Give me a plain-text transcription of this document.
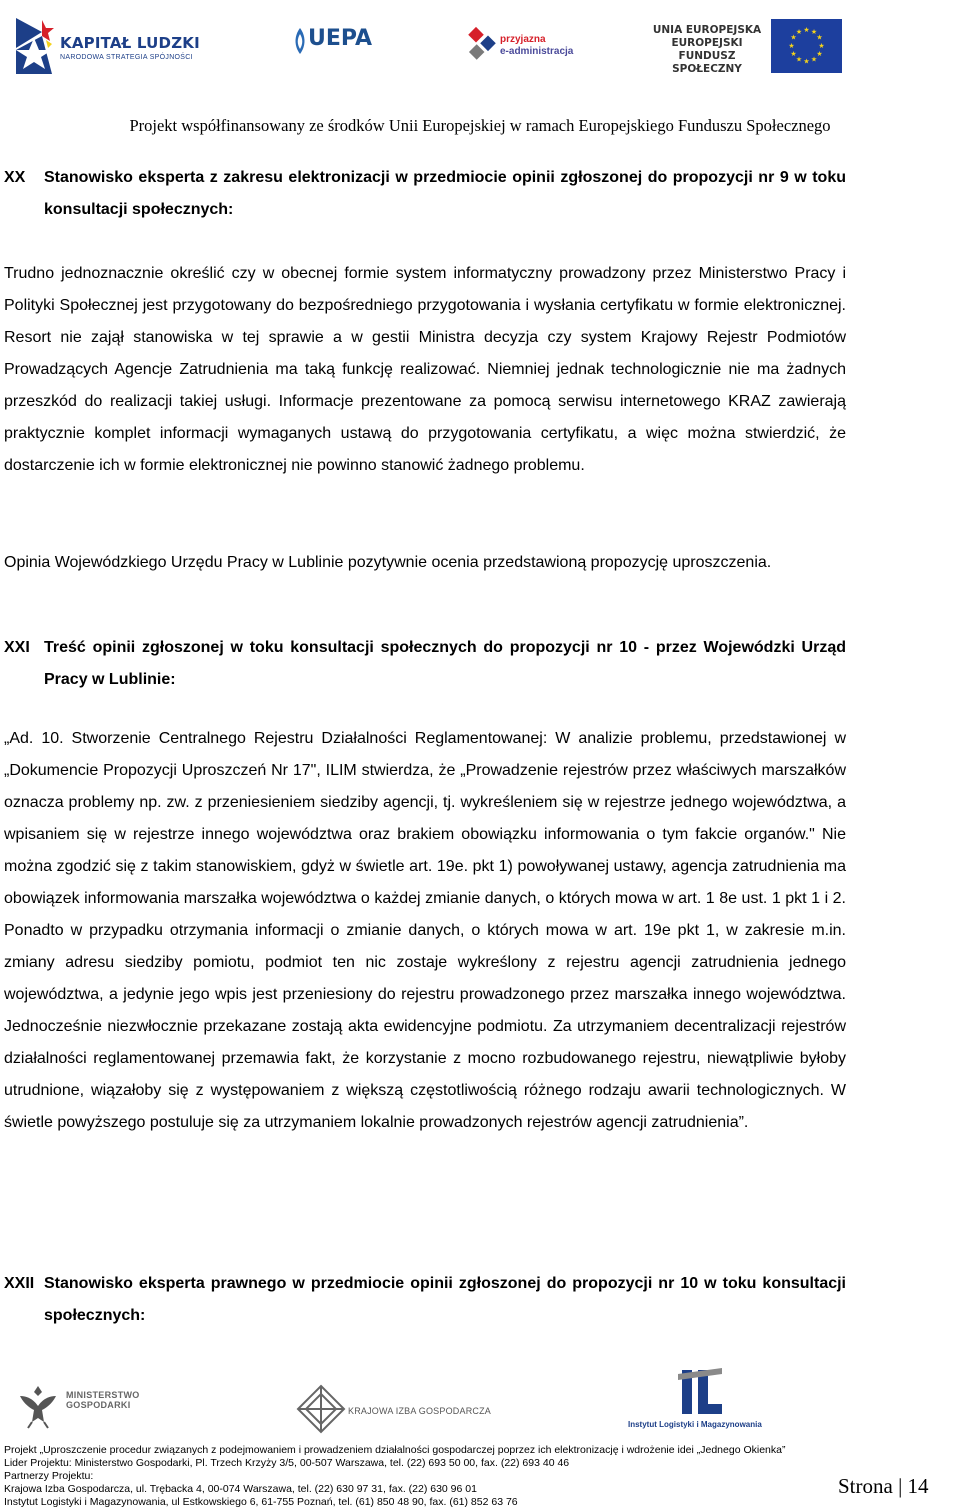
KAPITAŁ LUDZKI
NARODOWA STRATEGIA SPÓJNOŚCI
UEPA	przyjazna
e-administracja
UNIA EUROPEJSKA
EUROPEJSKI
FUNDUSZ SPOŁECZNY
★ ★
★
★
★
★
★
★
★
★
★
★
Projekt współfinansowany ze środków Unii Europejskiej w ramach Europejskiego Funduszu Społecznego
XX Stanowisko eksperta z zakresu elektronizacji w przedmiocie opinii zgłoszonej do propozycji nr 9 w toku konsultacji społecznych:
Trudno jednoznacznie określić czy w obecnej formie system informatyczny prowadzony przez Ministerstwo Pracy i Polityki Społecznej jest przygotowany do bezpośredniego przygotowania i wysłania certyfikatu w formie elektronicznej. Resort nie zajął stanowiska w tej sprawie a w gestii Ministra decyzja czy system Krajowy Rejestr Podmiotów Prowadzących Agencje Zatrudnienia ma taką funkcję realizować. Niemniej jednak technologicznie nie ma żadnych przeszkód do realizacji takiej usługi. Informacje prezentowane za pomocą serwisu internetowego KRAZ zawierają praktycznie komplet informacji wymaganych ustawą do przygotowania certyfikatu, a więc można stwierdzić, że dostarczenie ich w formie elektronicznej nie powinno stanowić żadnego problemu.
Opinia Wojewódzkiego Urzędu Pracy w Lublinie pozytywnie ocenia przedstawioną propozycję uproszczenia.
XXI Treść opinii zgłoszonej w toku konsultacji społecznych do propozycji nr 10 - przez Wojewódzki Urząd Pracy w Lublinie:
„Ad. 10. Stworzenie Centralnego Rejestru Działalności Reglamentowanej: W analizie problemu, przedstawionej w „Dokumencie Propozycji Uproszczeń Nr 17", ILIM stwierdza, że „Prowadzenie rejestrów przez właściwych marszałków oznacza problemy np. zw. z przeniesieniem siedziby agencji, tj. wykreśleniem się w rejestrze jednego województwa, a wpisaniem się w rejestrze innego województwa oraz brakiem obowiązku informowania o tym fakcie organów." Nie można zgodzić się z takim stanowiskiem, gdyż w świetle art. 19e. pkt 1) powoływanej ustawy, agencja zatrudnienia ma obowiązek informowania marszałka województwa o każdej zmianie danych, o których mowa w art. 1 8e ust. 1 pkt 1 i 2. Ponadto w przypadku otrzymania informacji o zmianie danych, o których mowa w art. 19e pkt 1, w zakresie m.in. zmiany adresu siedziby pomiotu, podmiot ten nic zostaje wykreślony z rejestru agencji zatrudnienia jednego województwa, a jedynie jego wpis jest przeniesiony do rejestru prowadzonego przez marszałka innego województwa. Jednocześnie niezwłocznie przekazane zostają akta ewidencyjne podmiotu. Za utrzymaniem decentralizacji rejestrów działalności reglamentowanej przemawia fakt, że korzystanie z mocno rozbudowanego rejestru, niewątpliwie byłoby utrudnione, wiązałoby się z występowaniem z większą częstotliwością różnego rodzaju awarii technologicznych. W świetle powyższego postuluje się za utrzymaniem lokalnie prowadzonych rejestrów agencji zatrudnienia”.
XXII Stanowisko eksperta prawnego w przedmiocie opinii zgłoszonej do propozycji nr 10 w toku konsultacji społecznych:
MINISTERSTWO
GOSPODARKI
KRAJOWA IZBA GOSPODARCZA
Instytut Logistyki i Magazynowania
Projekt „Uproszczenie procedur związanych z podejmowaniem i prowadzeniem działalności gospodarczej poprzez ich elektronizację i wdrożenie idei „Jednego Okienka”
Lider Projektu: Ministerstwo Gospodarki, Pl. Trzech Krzyży 3/5, 00-507 Warszawa, tel. (22) 693 50 00, fax. (22) 693 40 46
Partnerzy Projektu:
Krajowa Izba Gospodarcza, ul. Trębacka 4, 00-074 Warszawa, tel. (22) 630 97 31, fax. (22) 630 96 01
Instytut Logistyki i Magazynowania, ul Estkowskiego 6, 61-755 Poznań, tel. (61) 850 48 90, fax. (61) 852 63 76
Strona | 14
